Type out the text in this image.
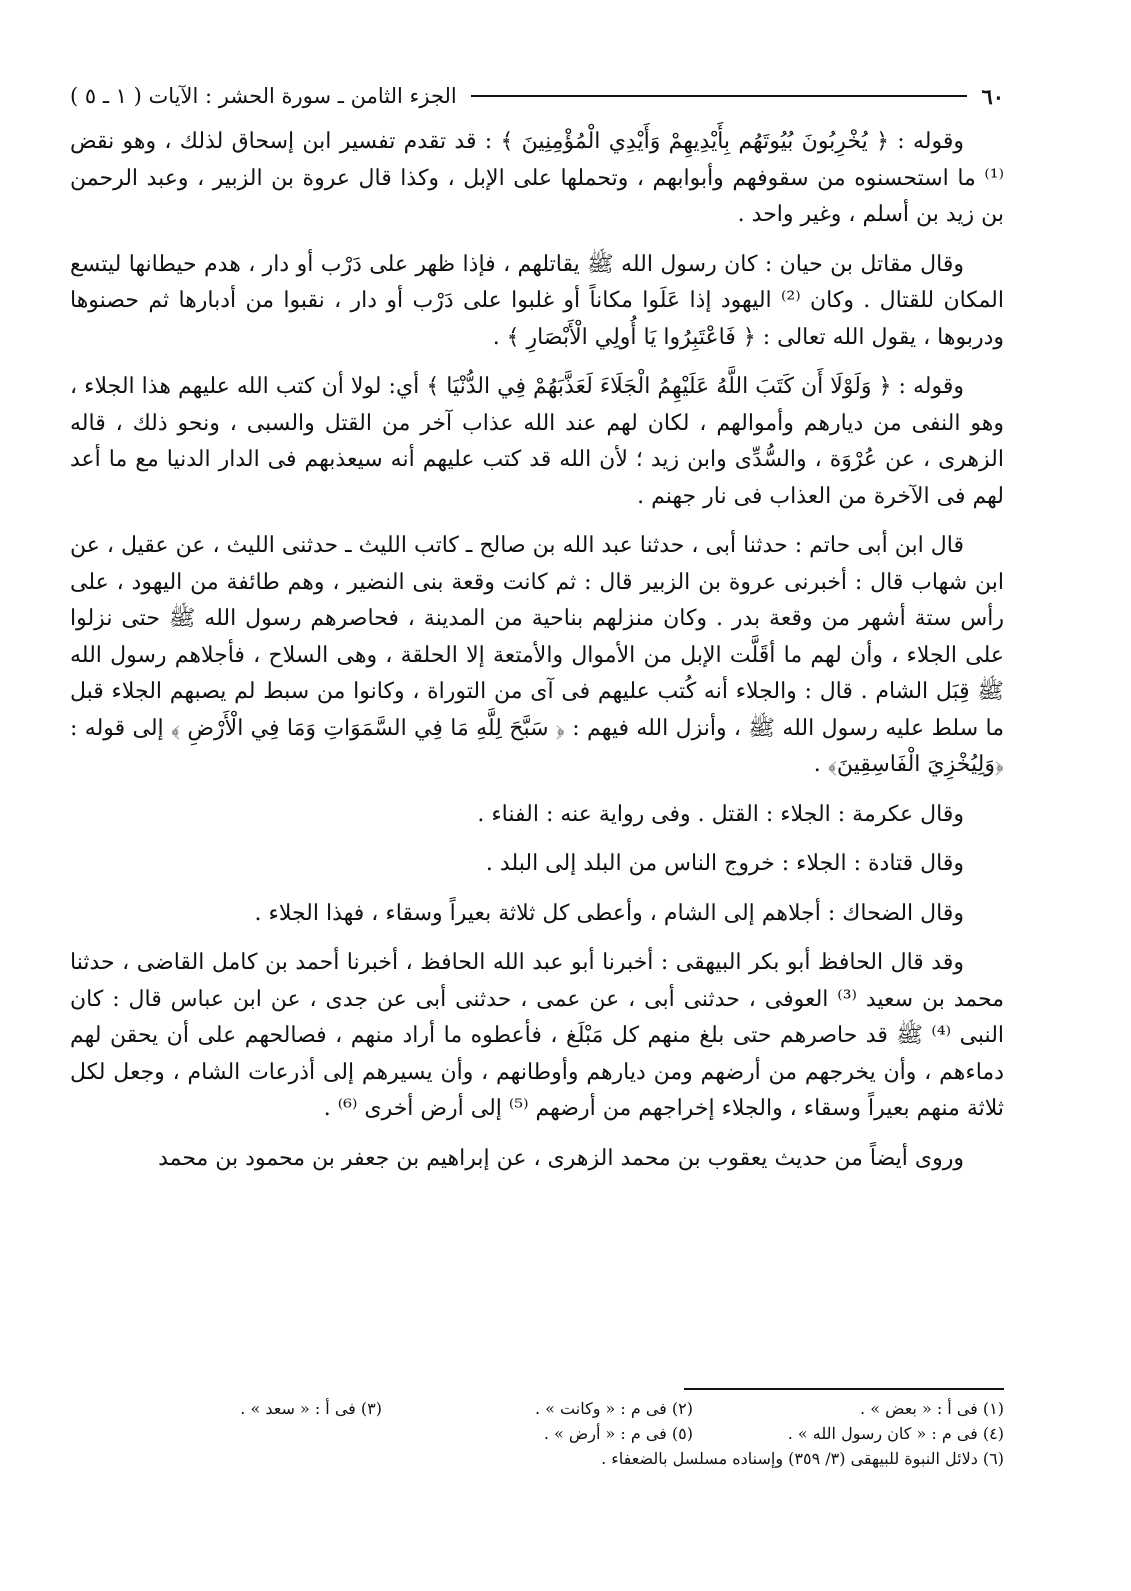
٦٠
الجزء الثامن ـ سورة الحشر : الآيات ( ١ ـ ٥ )

وقوله : ﴿ يُخْرِبُونَ بُيُوتَهُم بِأَيْدِيهِمْ وَأَيْدِي الْمُؤْمِنِينَ ﴾ : قد تقدم تفسير ابن إسحاق لذلك ، وهو نقض ⁽¹⁾ ما استحسنوه من سقوفهم وأبوابهم ، وتحملها على الإبل ، وكذا قال عروة بن الزبير ، وعبد الرحمن بن زيد بن أسلم ، وغير واحد .

وقال مقاتل بن حيان : كان رسول الله ﷺ يقاتلهم ، فإذا ظهر على دَرْب أو دار ، هدم حيطانها ليتسع المكان للقتال . وكان ⁽²⁾ اليهود إذا عَلَوا مكاناً أو غلبوا على دَرْب أو دار ، نقبوا من أدبارها ثم حصنوها ودربوها ، يقول الله تعالى : ﴿ فَاعْتَبِرُوا يَا أُولِي الْأَبْصَارِ ﴾ .

وقوله : ﴿ وَلَوْلَا أَن كَتَبَ اللَّهُ عَلَيْهِمُ الْجَلَاءَ لَعَذَّبَهُمْ فِي الدُّنْيَا ﴾ أي: لولا أن كتب الله عليهم هذا الجلاء ، وهو النفى من ديارهم وأموالهم ، لكان لهم عند الله عذاب آخر من القتل والسبى ، ونحو ذلك ، قاله الزهرى ، عن عُرْوَة ، والسُّدِّى وابن زيد ؛ لأن الله قد كتب عليهم أنه سيعذبهم فى الدار الدنيا مع ما أعد لهم فى الآخرة من العذاب فى نار جهنم .

قال ابن أبى حاتم : حدثنا أبى ، حدثنا عبد الله بن صالح ـ كاتب الليث ـ حدثنى الليث ، عن عقيل ، عن ابن شهاب قال : أخبرنى عروة بن الزبير قال : ثم كانت وقعة بنى النضير ، وهم طائفة من اليهود ، على رأس ستة أشهر من وقعة بدر . وكان منزلهم بناحية من المدينة ، فحاصرهم رسول الله ﷺ حتى نزلوا على الجلاء ، وأن لهم ما أقَلَّت الإبل من الأموال والأمتعة إلا الحلقة ، وهى السلاح ، فأجلاهم رسول الله ﷺ قِبَل الشام . قال : والجلاء أنه كُتب عليهم فى آى من التوراة ، وكانوا من سبط لم يصبهم الجلاء قبل ما سلط عليه رسول الله ﷺ ، وأنزل الله فيهم : ﴿ سَبَّحَ لِلَّهِ مَا فِي السَّمَوَاتِ وَمَا فِي الْأَرْضِ ﴾ إلى قوله : ﴿وَلِيُخْزِيَ الْفَاسِقِينَ﴾ .

وقال عكرمة : الجلاء : القتل . وفى رواية عنه : الفناء .

وقال قتادة : الجلاء : خروج الناس من البلد إلى البلد .

وقال الضحاك : أجلاهم إلى الشام ، وأعطى كل ثلاثة بعيراً وسقاء ، فهذا الجلاء .

وقد قال الحافظ أبو بكر البيهقى : أخبرنا أبو عبد الله الحافظ ، أخبرنا أحمد بن كامل القاضى ، حدثنا محمد بن سعيد ⁽³⁾ العوفى ، حدثنى أبى ، عن عمى ، حدثنى أبى عن جدى ، عن ابن عباس قال : كان النبى ⁽⁴⁾ ﷺ قد حاصرهم حتى بلغ منهم كل مَبْلَغ ، فأعطوه ما أراد منهم ، فصالحهم على أن يحقن لهم دماءهم ، وأن يخرجهم من أرضهم ومن ديارهم وأوطانهم ، وأن يسيرهم إلى أذرعات الشام ، وجعل لكل ثلاثة منهم بعيراً وسقاء ، والجلاء إخراجهم من أرضهم ⁽⁵⁾ إلى أرض أخرى ⁽⁶⁾ .

وروى أيضاً من حديث يعقوب بن محمد الزهرى ، عن إبراهيم بن جعفر بن محمود بن محمد

(١) فى أ : « بعض » .
(٢) فى م : « وكانت » .
(٣) فى أ : « سعد » .
(٤) فى م : « كان رسول الله » .
(٥) فى م : « أرض » .
(٦) دلائل النبوة للبيهقى (٣/ ٣٥٩) وإسناده مسلسل بالضعفاء .
